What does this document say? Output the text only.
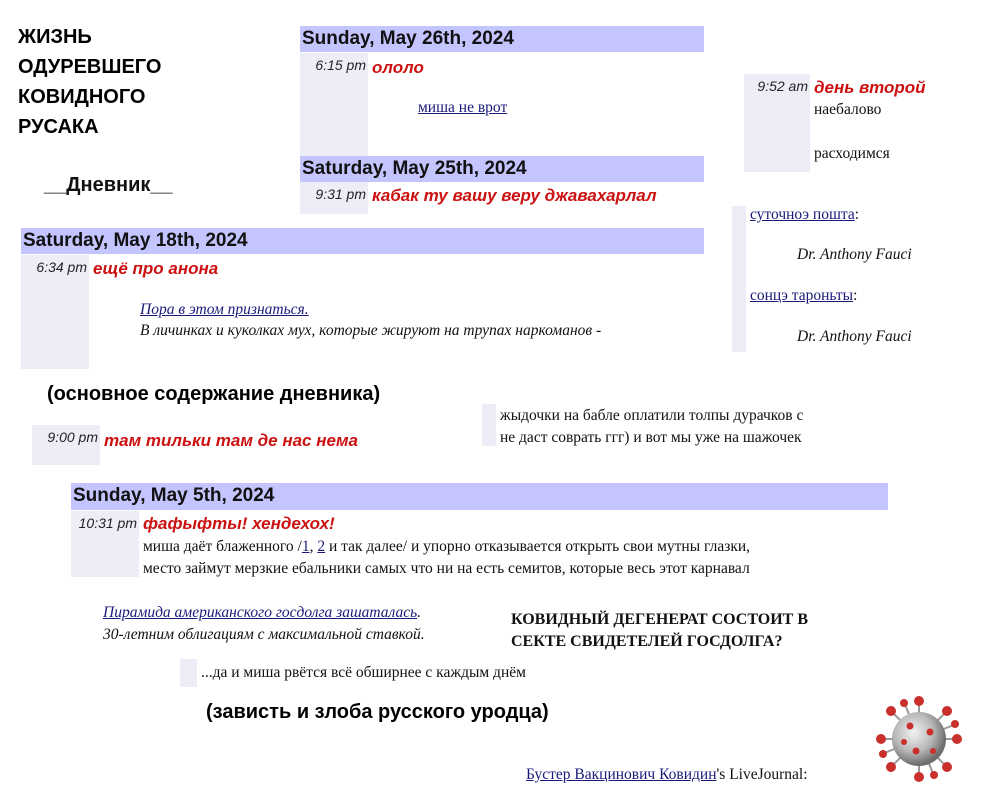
ЖИЗНЬ
ОДУРЕВШЕГО
КОВИДНОГО
РУСАКА
__Дневник__
Sunday, May 26th, 2024
6:15 pm ололо
миша не врот
Saturday, May 25th, 2024
9:31 pm кабак ту вашу веру джавахарлал
Saturday, May 18th, 2024
6:34 pm ещё про анона
Пора в этом признаться.
В личинках и куколках мух, которые жируют на трупах наркоманов -
(основное содержание дневника)
9:00 pm там тильки там де нас нема
жыдочки на бабле оплатили толпы дурачков с
не даст соврать ггг) и вот мы уже на шажочек
Sunday, May 5th, 2024
10:31 pm фафыфты! хендехох!
миша даёт блаженного /1, 2 и так далее/ и упорно отказывается открыть свои мутны глазки,
место займут мерзкие ебальники самых что ни на есть семитов, которые весь этот карнавал
Пирамида американского госдолга зашаталась.
30-летним облигациям с максимальной ставкой.
КОВИДНЫЙ ДЕГЕНЕРАТ СОСТОИТ В
СЕКТЕ СВИДЕТЕЛЕЙ ГОСДОЛГА?
...да и миша рвётся всё обширнее с каждым днём
(зависть и злоба русского уродца)
9:52 am день второй
наебалово
расходимся
суточноэ пошта:
Dr. Anthony Fauci
сонцэ тароньты:
Dr. Anthony Fauci
Бустер Вакцинович Ковидин's LiveJournal:
